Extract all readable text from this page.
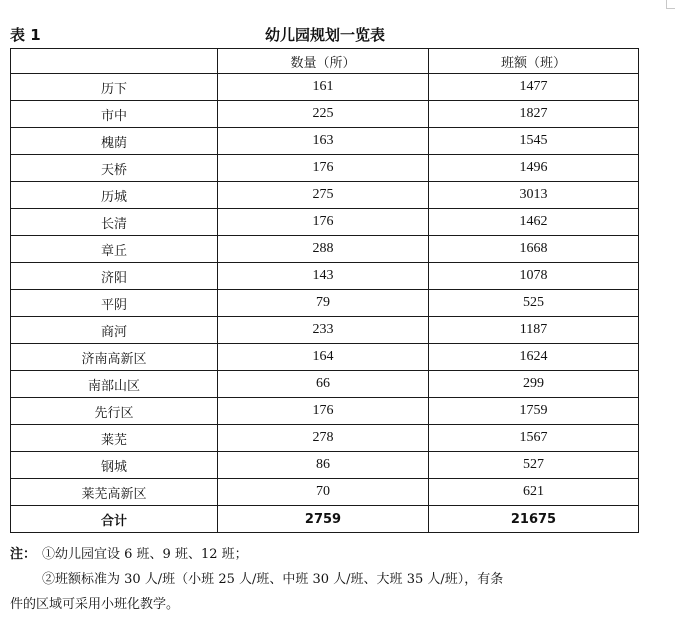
幼儿园规划一览表
表 1
	数量（所）	班额（班）
历下	161	1477
市中	225	1827
槐荫	163	1545
天桥	176	1496
历城	275	3013
长清	176	1462
章丘	288	1668
济阳	143	1078
平阴	79	525
商河	233	1187
济南高新区	164	1624
南部山区	66	299
先行区	176	1759
莱芜	278	1567
钢城	86	527
莱芜高新区	70	621
合计	2759	21675
注： ①幼儿园宜设 6 班、9 班、12 班；
②班额标准为 30 人/班（小班 25 人/班、中班 30 人/班、大班 35 人/班），有条
件的区域可采用小班化教学。
